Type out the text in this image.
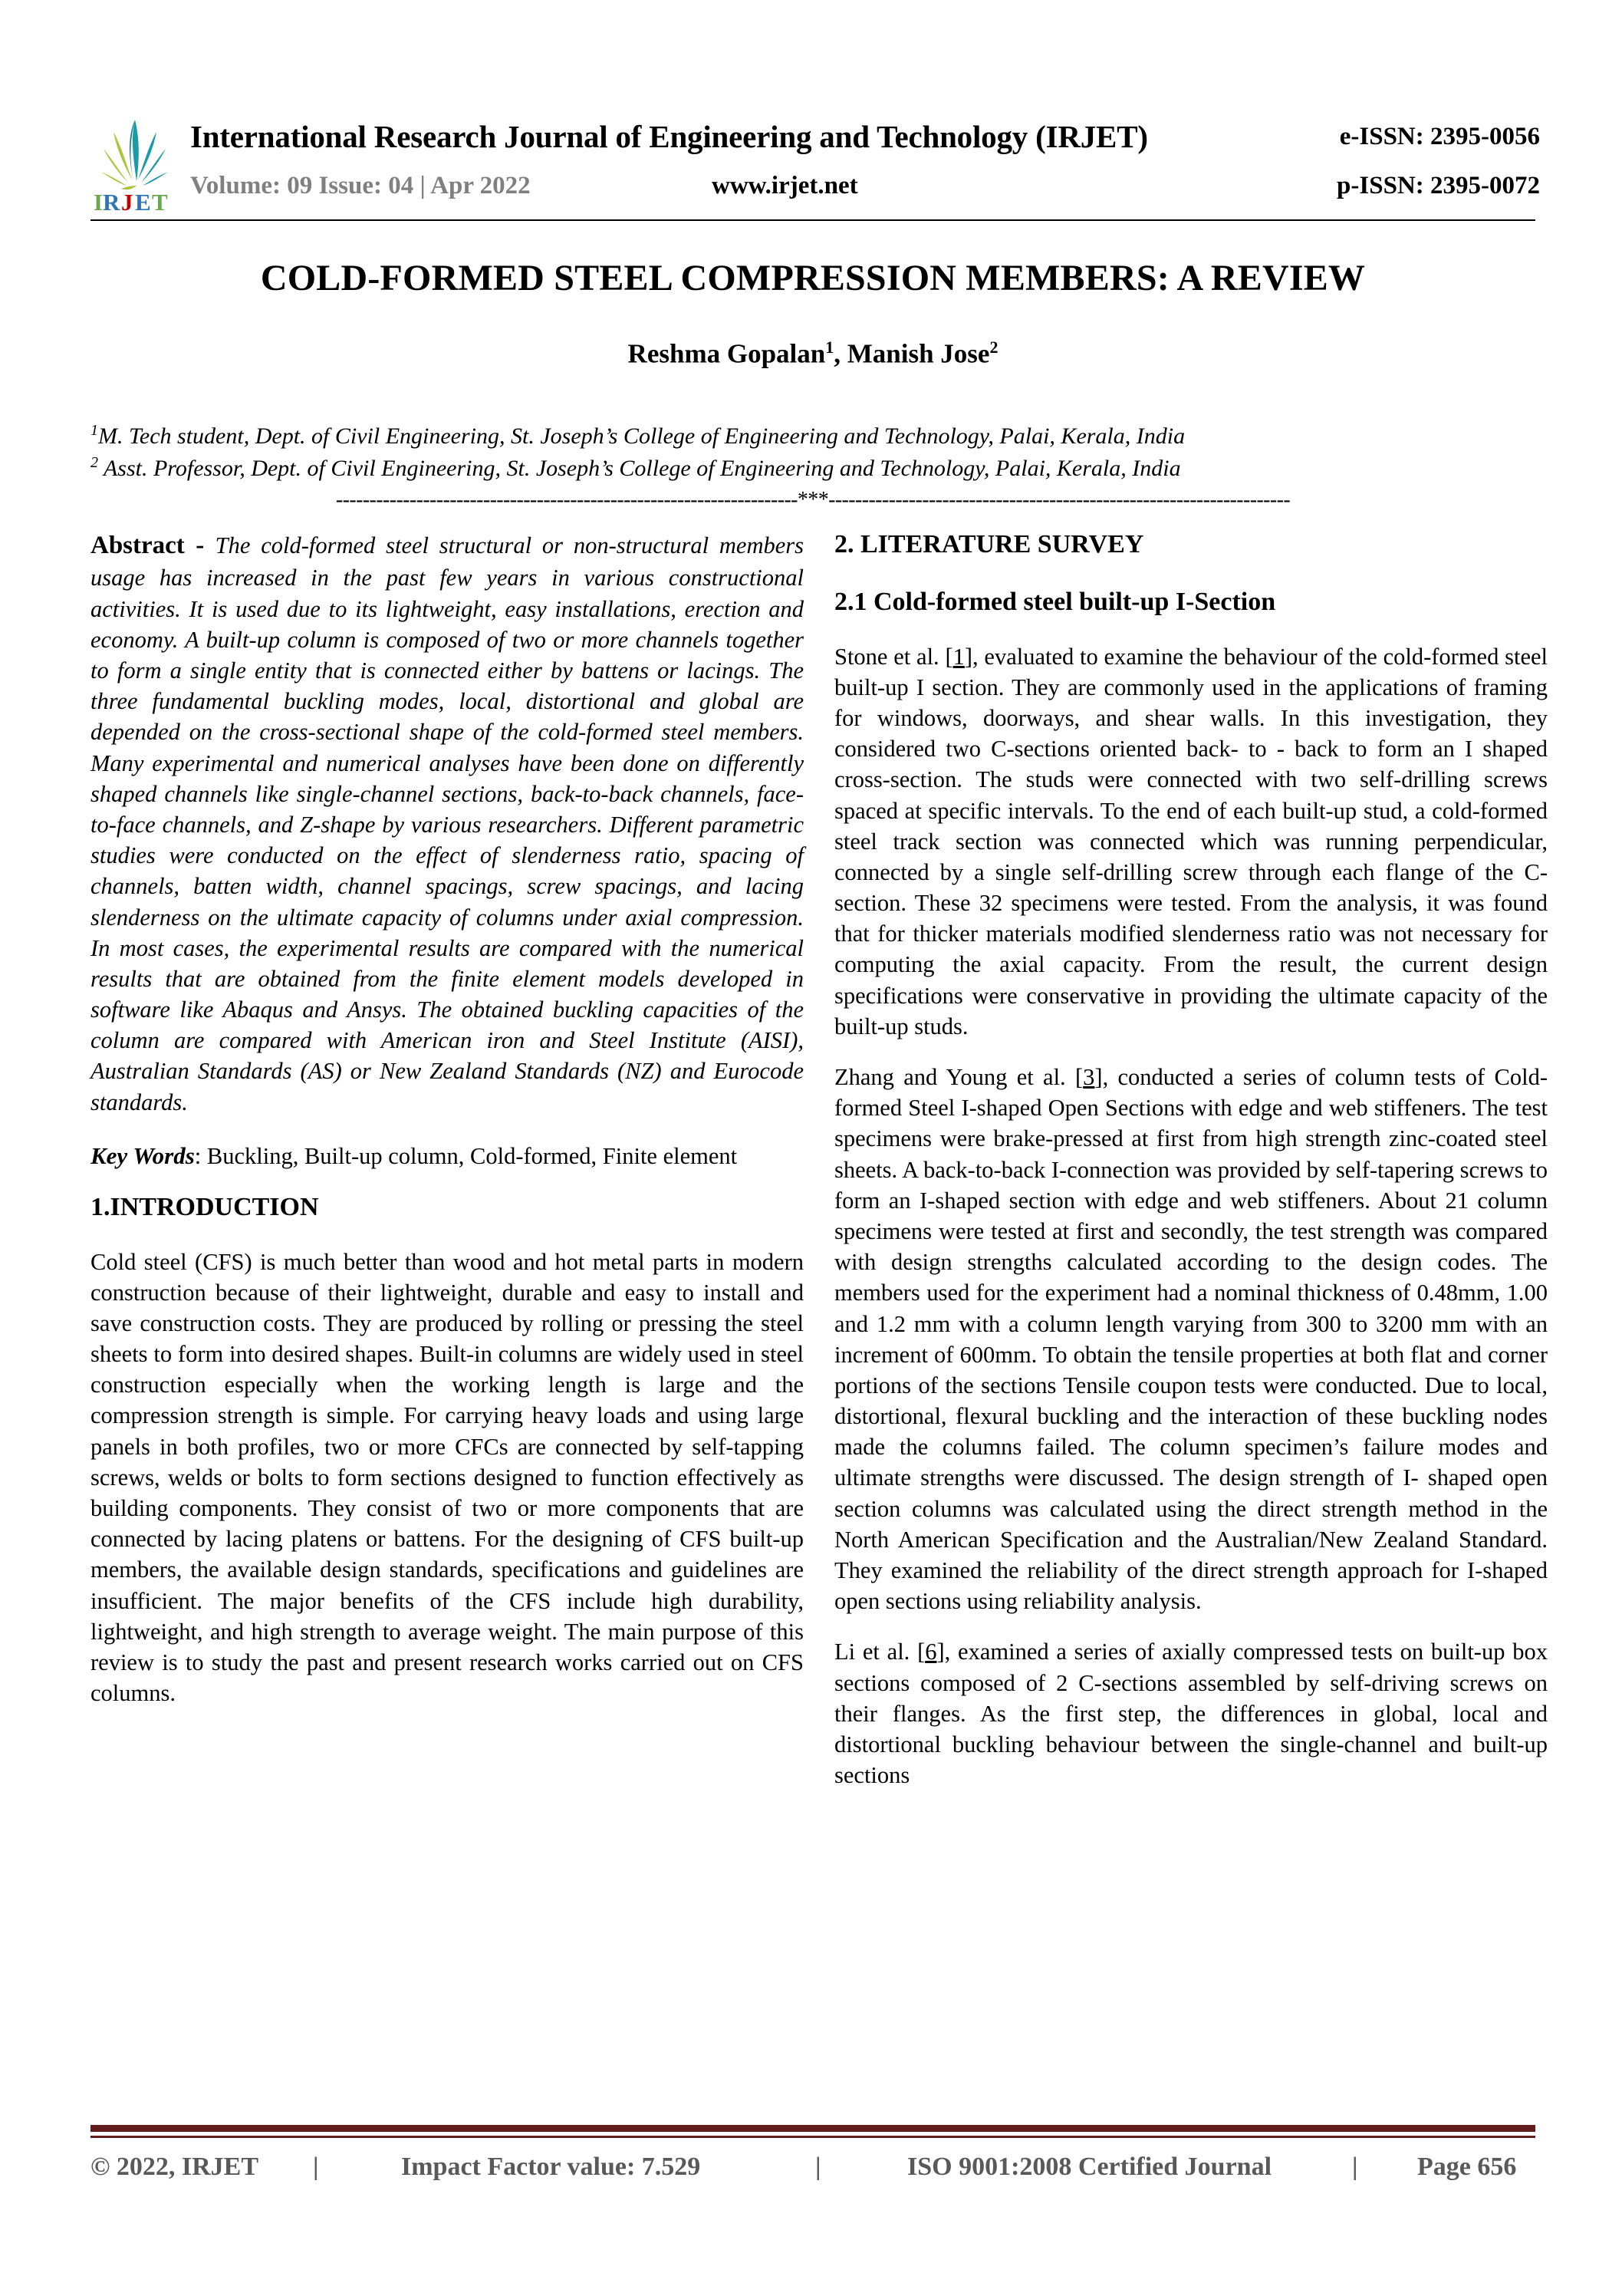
I R J E T
International Research Journal of Engineering and Technology (IRJET)	e-ISSN: 2395-0056
Volume: 09 Issue: 04 | Apr 2022	www.irjet.net	p-ISSN: 2395-0072
COLD-FORMED STEEL COMPRESSION MEMBERS: A REVIEW
Reshma Gopalan$^1$, Manish Jose$^2$
$^1$M. Tech student, Dept. of Civil Engineering, St. Joseph’s College of Engineering and Technology, Palai, Kerala, India
$^2$ Asst. Professor, Dept. of Civil Engineering, St. Joseph’s College of Engineering and Technology, Palai, Kerala, India
---------------------------------------------------------------------***---------------------------------------------------------------------

Abstract - The cold-formed steel structural or non-structural members usage has increased in the past few years in various constructional activities. It is used due to its lightweight, easy installations, erection and economy. A built-up column is composed of two or more channels together to form a single entity that is connected either by battens or lacings. The three fundamental buckling modes, local, distortional and global are depended on the cross-sectional shape of the cold-formed steel members. Many experimental and numerical analyses have been done on differently shaped channels like single-channel sections, back-to-back channels, face-to-face channels, and Z-shape by various researchers. Different parametric studies were conducted on the effect of slenderness ratio, spacing of channels, batten width, channel spacings, screw spacings, and lacing slenderness on the ultimate capacity of columns under axial compression. In most cases, the experimental results are compared with the numerical results that are obtained from the finite element models developed in software like Abaqus and Ansys. The obtained buckling capacities of the column are compared with American iron and Steel Institute (AISI), Australian Standards (AS) or New Zealand Standards (NZ) and Eurocode standards.

Key Words: Buckling, Built-up column, Cold-formed, Finite element

1.INTRODUCTION

Cold steel (CFS) is much better than wood and hot metal parts in modern construction because of their lightweight, durable and easy to install and save construction costs. They are produced by rolling or pressing the steel sheets to form into desired shapes. Built-in columns are widely used in steel construction especially when the working length is large and the compression strength is simple. For carrying heavy loads and using large panels in both profiles, two or more CFCs are connected by self-tapping screws, welds or bolts to form sections designed to function effectively as building components. They consist of two or more components that are connected by lacing platens or battens. For the designing of CFS built-up members, the available design standards, specifications and guidelines are insufficient. The major benefits of the CFS include high durability, lightweight, and high strength to average weight. The main purpose of this review is to study the past and present research works carried out on CFS columns.

2. LITERATURE SURVEY
2.1 Cold-formed steel built-up I-Section

Stone et al. [1], evaluated to examine the behaviour of the cold-formed steel built-up I section. They are commonly used in the applications of framing for windows, doorways, and shear walls. In this investigation, they considered two C-sections oriented back- to - back to form an I shaped cross-section. The studs were connected with two self-drilling screws spaced at specific intervals. To the end of each built-up stud, a cold-formed steel track section was connected which was running perpendicular, connected by a single self-drilling screw through each flange of the C- section. These 32 specimens were tested. From the analysis, it was found that for thicker materials modified slenderness ratio was not necessary for computing the axial capacity. From the result, the current design specifications were conservative in providing the ultimate capacity of the built-up studs.

Zhang and Young et al. [3], conducted a series of column tests of Cold-formed Steel I-shaped Open Sections with edge and web stiffeners. The test specimens were brake-pressed at first from high strength zinc-coated steel sheets. A back-to-back I-connection was provided by self-tapering screws to form an I-shaped section with edge and web stiffeners. About 21 column specimens were tested at first and secondly, the test strength was compared with design strengths calculated according to the design codes. The members used for the experiment had a nominal thickness of 0.48mm, 1.00 and 1.2 mm with a column length varying from 300 to 3200 mm with an increment of 600mm. To obtain the tensile properties at both flat and corner portions of the sections Tensile coupon tests were conducted. Due to local, distortional, flexural buckling and the interaction of these buckling nodes made the columns failed. The column specimen’s failure modes and ultimate strengths were discussed. The design strength of I- shaped open section columns was calculated using the direct strength method in the North American Specification and the Australian/New Zealand Standard. They examined the reliability of the direct strength approach for I-shaped open sections using reliability analysis.

Li et al. [6], examined a series of axially compressed tests on built-up box sections composed of 2 C-sections assembled by self-driving screws on their flanges. As the first step, the differences in global, local and distortional buckling behaviour between the single-channel and built-up sections

© 2022, IRJET |	Impact Factor value: 7.529	|	ISO 9001:2008 Certified Journal	| Page 656
